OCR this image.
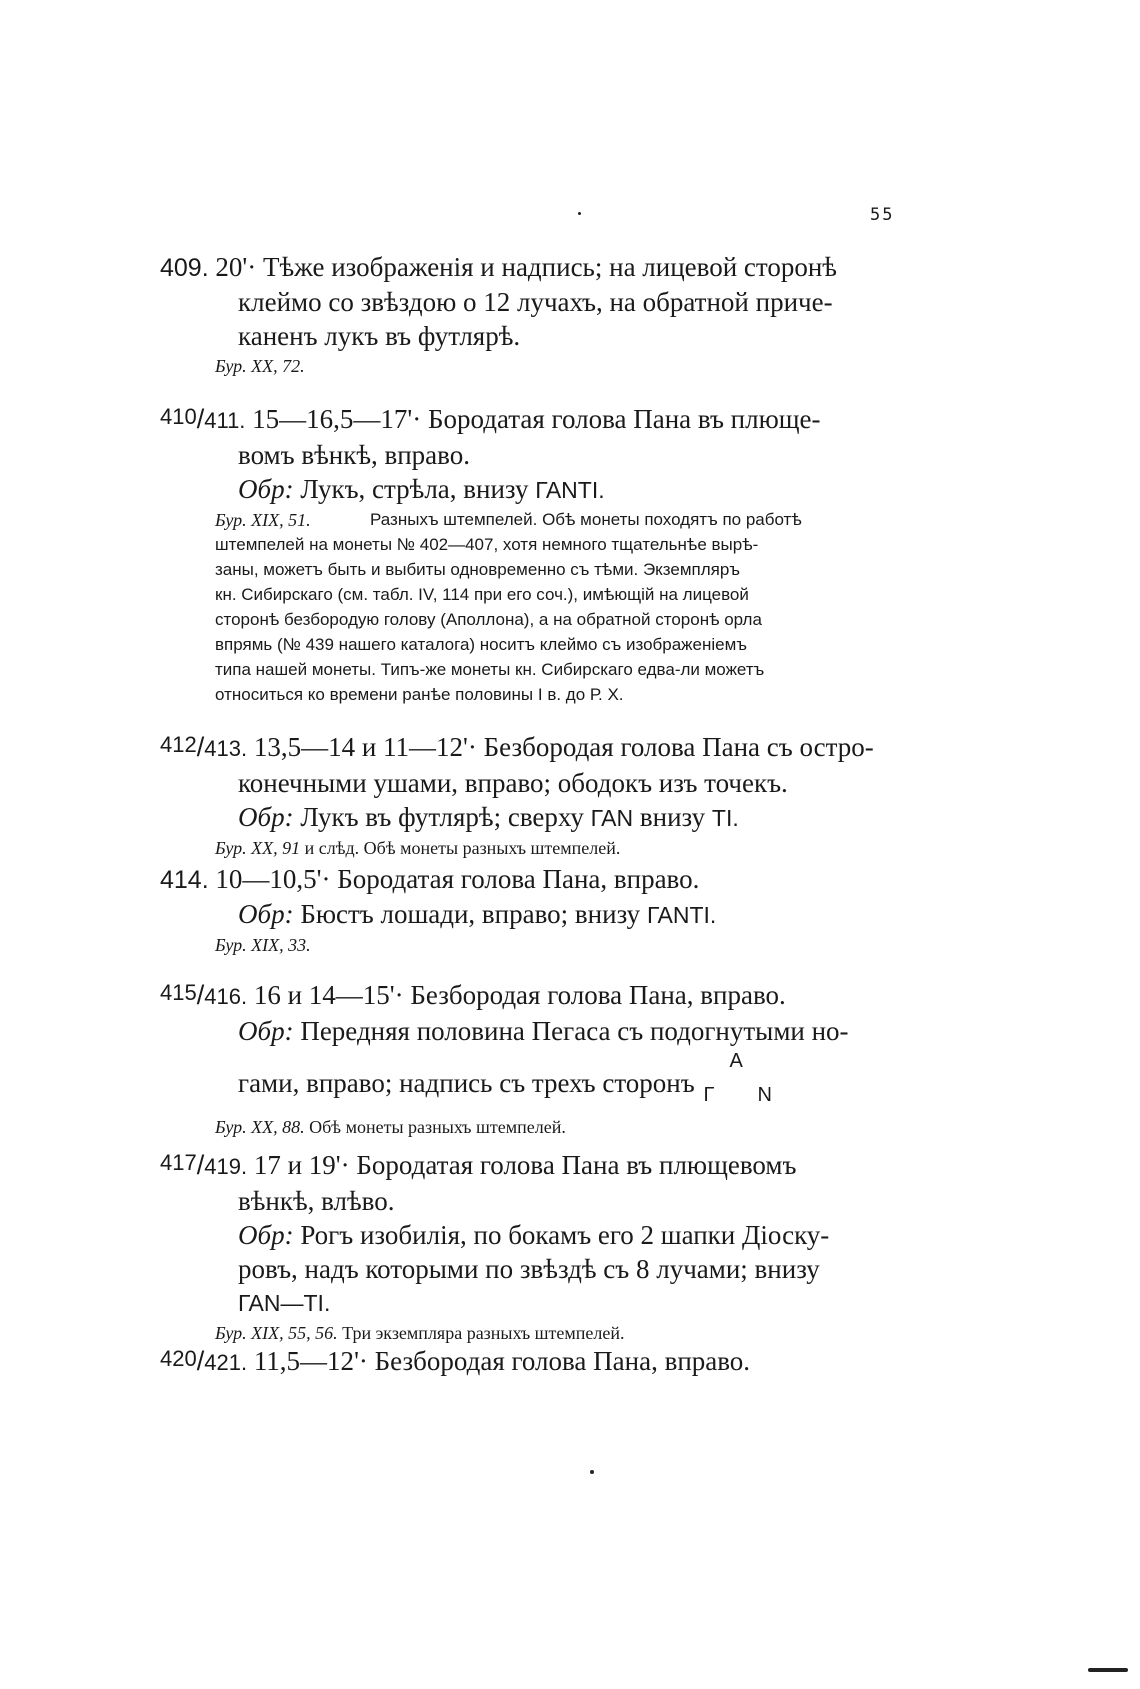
55
409. 20'· Тѣже изображенія и надпись; на лицевой сторонѣ
клеймо со звѣздою о 12 лучахъ, на обратной приче-
каненъ лукъ въ футлярѣ.
Бур. XX, 72.
$^{410}$/411. 15—16,5—17'· Бородатая голова Пана въ плюще-
вомъ вѣнкѣ, вправо.
Обр: Лукъ, стрѣла, внизу ΓΑΝΤΙ.
Бур. XIX, 51.	Разныхъ штемпелей. Обѣ монеты походятъ по работѣ
штемпелей на монеты № 402—407, хотя немного тщательнѣе вырѣ-
заны, можетъ быть и выбиты одновременно съ тѣми. Экземпляръ
кн. Сибирскаго (см. табл. IV, 114 при его соч.), имѣющій на лицевой
сторонѣ безбородую голову (Аполлона), а на обратной сторонѣ орла
впрямь (№ 439 нашего каталога) носитъ клеймо съ изображеніемъ
типа нашей монеты. Типъ-же монеты кн. Сибирскаго едва-ли можетъ
относиться ко времени ранѣе половины I в. до Р. Х.
$^{412}$/413. 13,5—14 и 11—12'· Безбородая голова Пана съ остро-
конечными ушами, вправо; ободокъ изъ точекъ.
Обр: Лукъ въ футлярѣ; сверху ΓΑΝ внизу ΤΙ.
Бур. XX, 91 и слѣд. Обѣ монеты разныхъ штемпелей.
414. 10—10,5'· Бородатая голова Пана, вправо.
Обр: Бюстъ лошади, вправо; внизу ΓΑΝΤΙ.
Бур. XIX, 33.
$^{415}$/416. 16 и 14—15'· Безбородая голова Пана, вправо.
Обр: Передняя половина Пегаса съ подогнутыми но-
гами, вправо; надпись съ трехъ сторонъ
Α
Γ Ν
Бур. XX, 88. Обѣ монеты разныхъ штемпелей.
$^{417}$/419. 17 и 19'· Бородатая голова Пана въ плющевомъ
вѣнкѣ, влѣво.
Обр: Рогъ изобилія, по бокамъ его 2 шапки Діоску-
ровъ, надъ которыми по звѣздѣ съ 8 лучами; внизу
ΓΑΝ—ΤΙ.
Бур. XIX, 55, 56. Три экземпляра разныхъ штемпелей.
$^{420}$/421. 11,5—12'· Безбородая голова Пана, вправо.
